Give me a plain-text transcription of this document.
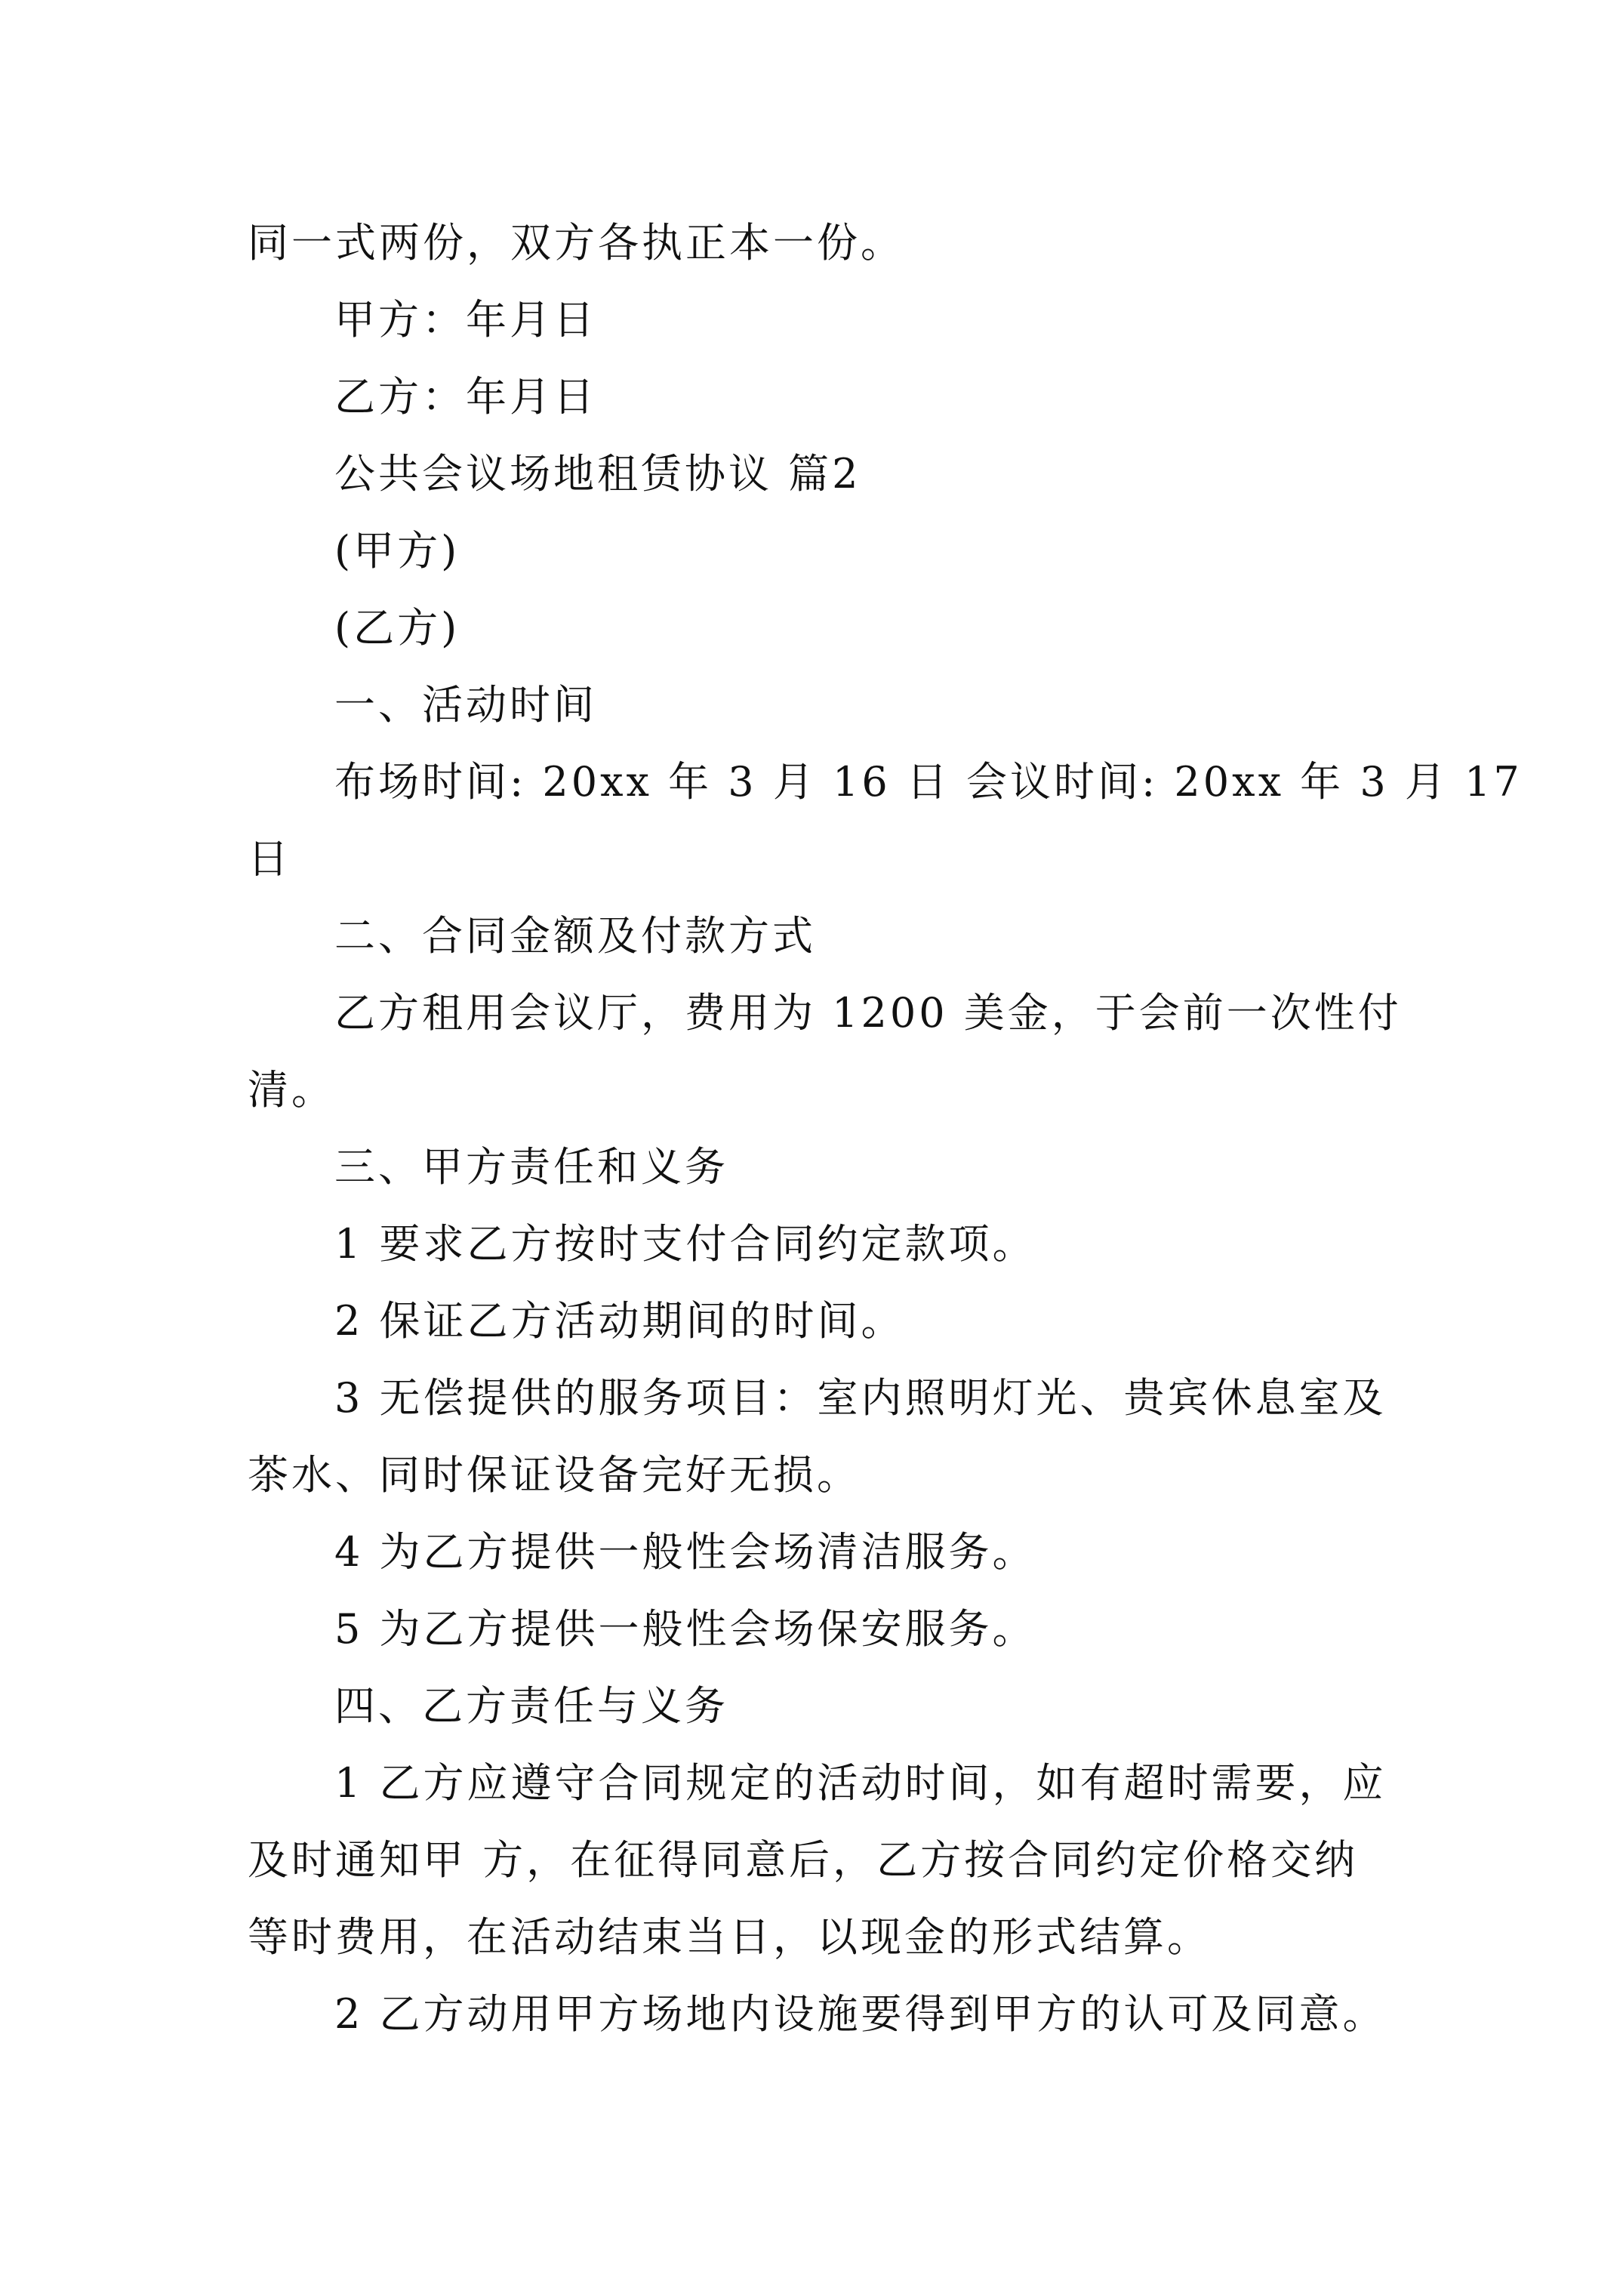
同一式两份，双方各执正本一份。
甲方：年月日
乙方：年月日
公共会议场地租赁协议 篇2
(甲方)
(乙方)
一、活动时间
布场时间: 20xx 年 3 月 16 日 会议时间: 20xx 年 3 月 17
日
二、合同金额及付款方式
乙方租用会议厅，费用为 1200 美金，于会前一次性付
清。
三、甲方责任和义务
1 要求乙方按时支付合同约定款项。
2 保证乙方活动期间的时间。
3 无偿提供的服务项目：室内照明灯光、贵宾休息室及
茶水、同时保证设备完好无损。
4 为乙方提供一般性会场清洁服务。
5 为乙方提供一般性会场保安服务。
四、乙方责任与义务
1 乙方应遵守合同规定的活动时间，如有超时需要，应
及时通知甲 方，在征得同意后，乙方按合同约定价格交纳
等时费用，在活动结束当日，以现金的形式结算。
2 乙方动用甲方场地内设施要得到甲方的认可及同意。
